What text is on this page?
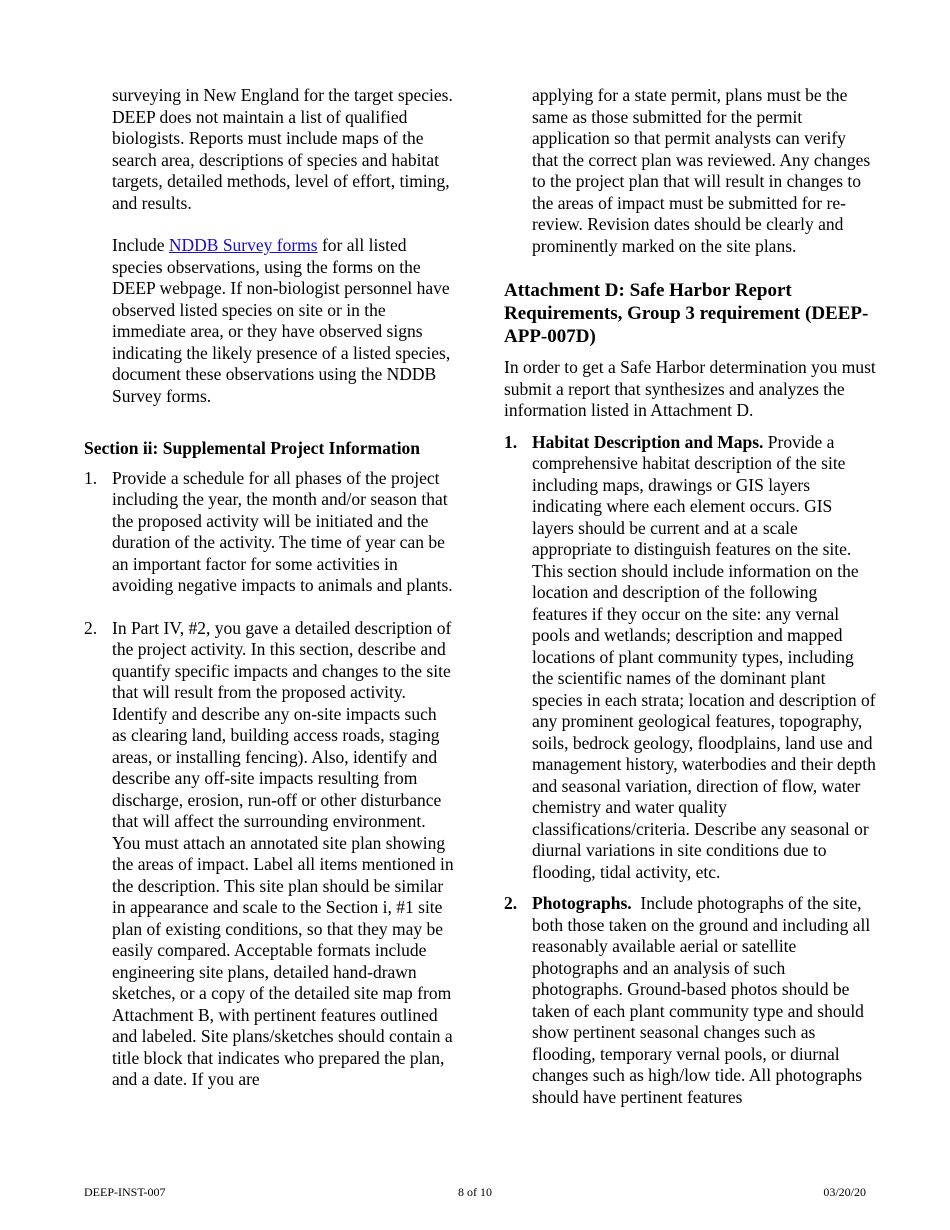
surveying in New England for the target species. DEEP does not maintain a list of qualified biologists. Reports must include maps of the search area, descriptions of species and habitat targets, detailed methods, level of effort, timing, and results.

Include NDDB Survey forms for all listed species observations, using the forms on the DEEP webpage. If non-biologist personnel have observed listed species on site or in the immediate area, or they have observed signs indicating the likely presence of a listed species, document these observations using the NDDB Survey forms.

Section ii: Supplemental Project Information

1. Provide a schedule for all phases of the project including the year, the month and/or season that the proposed activity will be initiated and the duration of the activity. The time of year can be an important factor for some activities in avoiding negative impacts to animals and plants.
2. In Part IV, #2, you gave a detailed description of the project activity. In this section, describe and quantify specific impacts and changes to the site that will result from the proposed activity. Identify and describe any on-site impacts such as clearing land, building access roads, staging areas, or installing fencing). Also, identify and describe any off-site impacts resulting from discharge, erosion, run-off or other disturbance that will affect the surrounding environment. You must attach an annotated site plan showing the areas of impact. Label all items mentioned in the description. This site plan should be similar in appearance and scale to the Section i, #1 site plan of existing conditions, so that they may be easily compared. Acceptable formats include engineering site plans, detailed hand-drawn sketches, or a copy of the detailed site map from Attachment B, with pertinent features outlined and labeled. Site plans/sketches should contain a title block that indicates who prepared the plan, and a date. If you are

applying for a state permit, plans must be the same as those submitted for the permit application so that permit analysts can verify that the correct plan was reviewed. Any changes to the project plan that will result in changes to the areas of impact must be submitted for re-review. Revision dates should be clearly and prominently marked on the site plans.

Attachment D: Safe Harbor Report Requirements, Group 3 requirement (DEEP-APP-007D)

In order to get a Safe Harbor determination you must submit a report that synthesizes and analyzes the information listed in Attachment D.

1. Habitat Description and Maps. Provide a comprehensive habitat description of the site including maps, drawings or GIS layers indicating where each element occurs. GIS layers should be current and at a scale appropriate to distinguish features on the site. This section should include information on the location and description of the following features if they occur on the site: any vernal pools and wetlands; description and mapped locations of plant community types, including the scientific names of the dominant plant species in each strata; location and description of any prominent geological features, topography, soils, bedrock geology, floodplains, land use and management history, waterbodies and their depth and seasonal variation, direction of flow, water chemistry and water quality classifications/criteria. Describe any seasonal or diurnal variations in site conditions due to flooding, tidal activity, etc.
2. Photographs.  Include photographs of the site, both those taken on the ground and including all reasonably available aerial or satellite photographs and an analysis of such photographs. Ground-based photos should be taken of each plant community type and should show pertinent seasonal changes such as flooding, temporary vernal pools, or diurnal changes such as high/low tide. All photographs should have pertinent features
DEEP-INST-007	8 of 10	03/20/20
